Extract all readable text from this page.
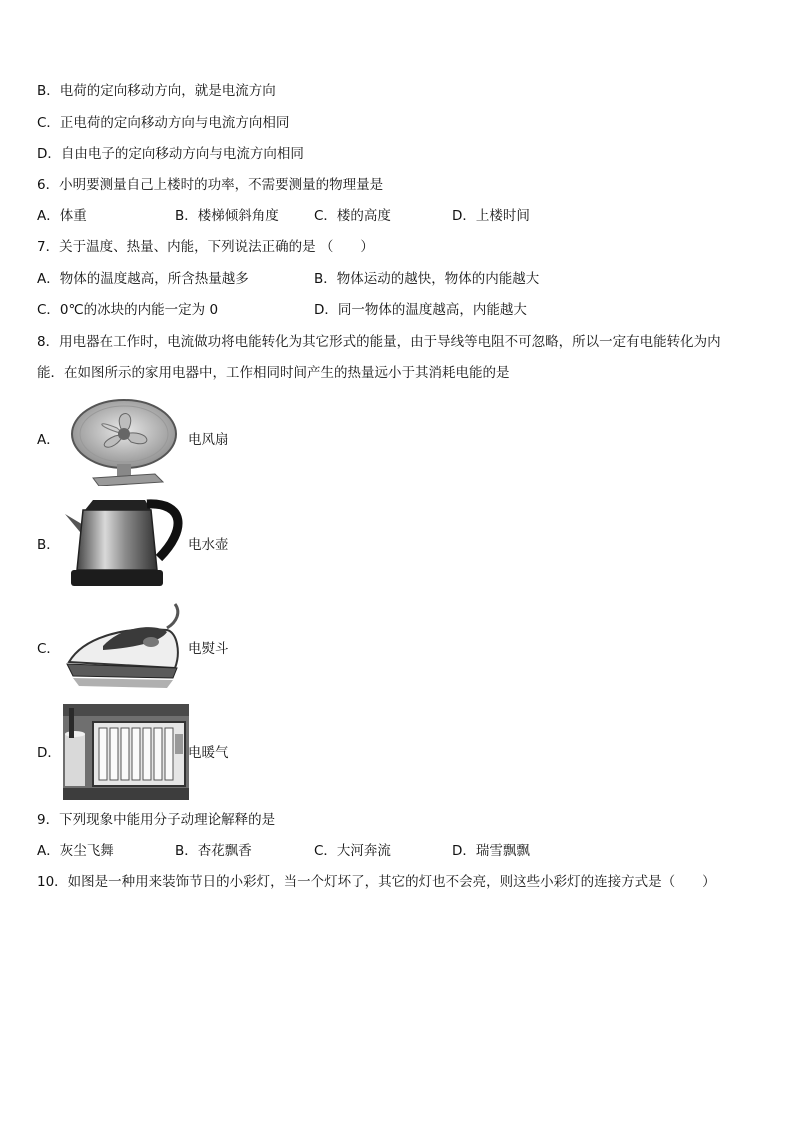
B．电荷的定向移动方向，就是电流方向
C．正电荷的定向移动方向与电流方向相同
D．自由电子的定向移动方向与电流方向相同
6．小明要测量自己上楼时的功率，不需要测量的物理量是
A．体重	B．楼梯倾斜角度	C．楼的高度	D．上楼时间
7．关于温度、热量、内能，下列说法正确的是 （　　）
A．物体的温度越高，所含热量越多	B．物体运动的越快，物体的内能越大
C．0℃的冰块的内能一定为 0	D．同一物体的温度越高，内能越大
8．用电器在工作时，电流做功将电能转化为其它形式的能量，由于导线等电阻不可忽略，所以一定有电能转化为内
能．在如图所示的家用电器中，工作相同时间产生的热量远小于其消耗电能的是
A．	电风扇
B．	电水壶
C．	电熨斗
D．	电暖气
9．下列现象中能用分子动理论解释的是
A．灰尘飞舞	B．杏花飘香	C．大河奔流	D．瑞雪飘飘
10．如图是一种用来装饰节日的小彩灯，当一个灯坏了，其它的灯也不会亮，则这些小彩灯的连接方式是（　　）
